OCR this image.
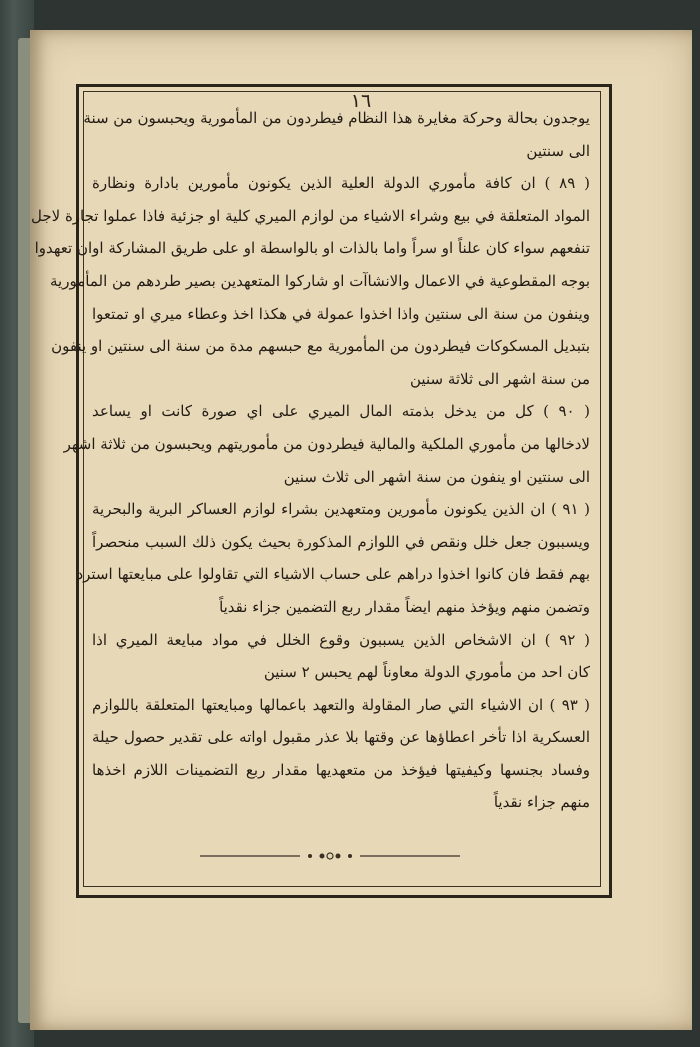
١٦
يوجدون بحالة وحركة مغايرة هذا النظام فيطردون من المأمورية ويحبسون من سنة
الى سنتين
( ٨٩ ) ان كافة مأموري الدولة العلية الذين يكونون مأمورين بادارة ونظارة
المواد المتعلقة في بيع وشراء الاشياء من لوازم الميري كلية او جزئية فاذا عملوا تجارة لاجل
تنفعهم سواء كان علناً او سراً واما بالذات او بالواسطة او على طريق المشاركة اوان تعهدوا
بوجه المقطوعية في الاعمال والانشاآت او شاركوا المتعهدين بصير طردهم من المأمورية
وينفون من سنة الى سنتين واذا اخذوا عمولة في هكذا اخذ وعطاء ميري او تمتعوا
بتبديل المسكوكات فيطردون من المأمورية مع حبسهم مدة من سنة الى سنتين او ينفون
من سنة اشهر الى ثلاثة سنين
( ٩٠ ) كل من يدخل بذمته المال الميري على اي صورة كانت او يساعد
لادخالها من مأموري الملكية والمالية فيطردون من مأموريتهم ويحبسون من ثلاثة اشهر
الى سنتين او ينفون من سنة اشهر الى ثلاث سنين
( ٩١ ) ان الذين يكونون مأمورين ومتعهدين بشراء لوازم العساكر البرية والبحرية
ويسببون جعل خلل ونقص في اللوازم المذكورة بحيث يكون ذلك السبب منحصراً
بهم فقط فان كانوا اخذوا دراهم على حساب الاشياء التي تقاولوا على مبايعتها استرد
وتضمن منهم ويؤخذ منهم ايضاً مقدار ربع التضمين جزاء نقدياً
( ٩٢ ) ان الاشخاص الذين يسببون وقوع الخلل في مواد مبايعة الميري اذا
كان احد من مأموري الدولة معاوناً لهم يحبس ٢ سنين
( ٩٣ ) ان الاشياء التي صار المقاولة والتعهد باعمالها ومبايعتها المتعلقة باللوازم
العسكرية اذا تأخر اعطاؤها عن وقتها بلا عذر مقبول اواته على تقدير حصول حيلة
وفساد بجنسها وكيفيتها فيؤخذ من متعهديها مقدار ربع التضمينات اللازم اخذها
منهم جزاء نقدياً
